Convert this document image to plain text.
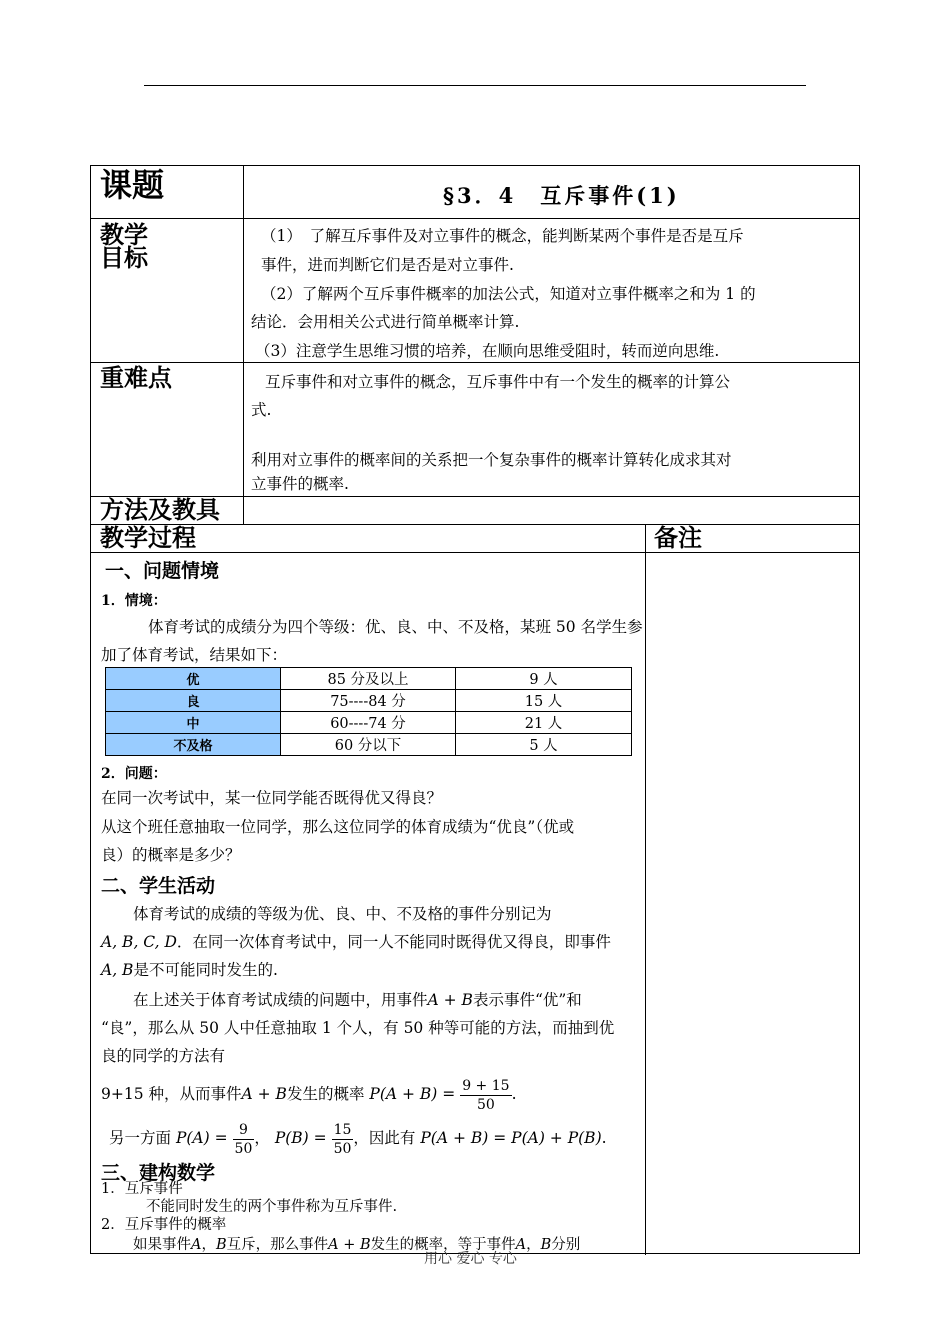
课题	§3．4　互斥事件(1)
教学
目标
（1）　了解互斥事件及对立事件的概念，能判断某两个事件是否是互斥
事件，进而判断它们是否是对立事件.
（2）了解两个互斥事件概率的加法公式，知道对立事件概率之和为 1 的
结论．会用相关公式进行简单概率计算.
（3）注意学生思维习惯的培养，在顺向思维受阻时，转而逆向思维.
重难点	互斥事件和对立事件的概念，互斥事件中有一个发生的概率的计算公
式.
利用对立事件的概率间的关系把一个复杂事件的概率计算转化成求其对
立事件的概率.
方法及教具
教学过程	备注
一、问题情境
1．情境：
体育考试的成绩分为四个等级：优、良、中、不及格，某班 50 名学生参
加了体育考试，结果如下：
优	85 分及以上	9 人
良	75----84 分	15 人
中	60----74 分	21 人
不及格	60 分以下	5 人
2．问题：
在同一次考试中，某一位同学能否既得优又得良？
从这个班任意抽取一位同学，那么这位同学的体育成绩为“优良”（优或
良）的概率是多少？
二、学生活动
体育考试的成绩的等级为优、良、中、不及格的事件分别记为
A, B, C, D．在同一次体育考试中，同一人不能同时既得优又得良，即事件
A, B是不可能同时发生的.
在上述关于体育考试成绩的问题中，用事件A + B表示事件“优”和
“良”，那么从 50 人中任意抽取 1 个人，有 50 种等可能的方法，而抽到优
良的同学的方法有
9+15 种，从而事件A + B发生的概率 $P(A + B) = \frac{9 + 15}{50}$ .
另一方面 $P(A) = \frac{9}{50}$ ， $P(B) = \frac{15}{50}$ ，因此有 P(A + B) = P(A) + P(B).
三、建构数学
1．互斥事件
不能同时发生的两个事件称为互斥事件.
2．互斥事件的概率
如果事件A，B互斥，那么事件A + B发生的概率，等于事件A，B分别
用心 爱心 专心
